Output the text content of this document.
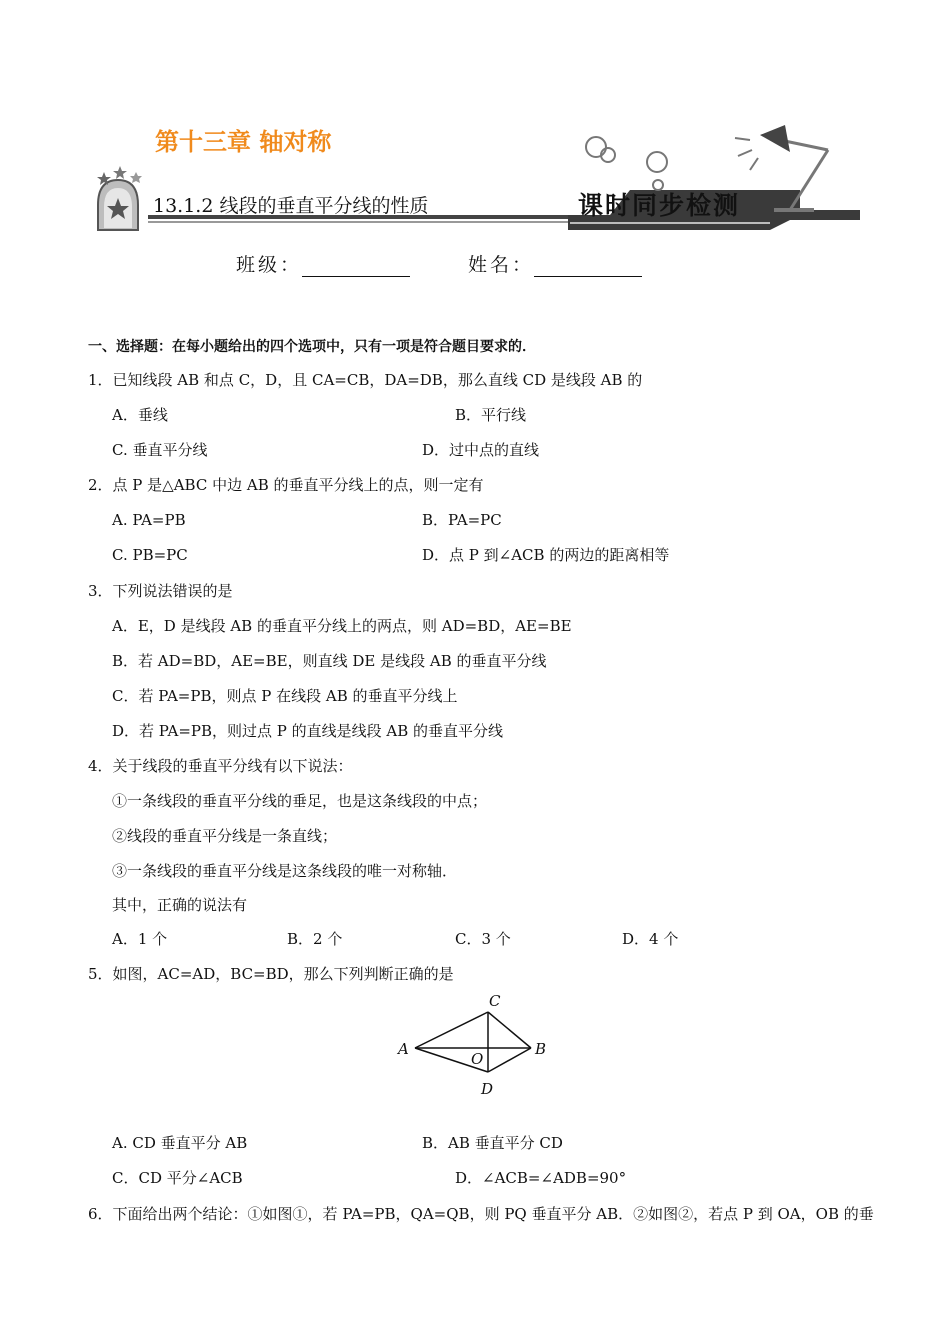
第十三章 轴对称
13.1.2 线段的垂直平分线的性质	课时同步检测
班级：	姓名：
一、选择题：在每小题给出的四个选项中，只有一项是符合题目要求的．
1．已知线段 AB 和点 C，D，且 CA=CB，DA=DB，那么直线 CD 是线段 AB 的
A．垂线	B．平行线
C. 垂直平分线	D．过中点的直线
2．点 P 是△ABC 中边 AB 的垂直平分线上的点，则一定有
A. PA=PB	B．PA=PC
C. PB=PC	D．点 P 到∠ACB 的两边的距离相等
3．下列说法错误的是
A．E，D 是线段 AB 的垂直平分线上的两点，则 AD=BD，AE=BE
B．若 AD=BD，AE=BE，则直线 DE 是线段 AB 的垂直平分线
C．若 PA=PB，则点 P 在线段 AB 的垂直平分线上
D．若 PA=PB，则过点 P 的直线是线段 AB 的垂直平分线
4．关于线段的垂直平分线有以下说法：
①一条线段的垂直平分线的垂足，也是这条线段的中点；
②线段的垂直平分线是一条直线；
③一条线段的垂直平分线是这条线段的唯一对称轴．
其中，正确的说法有
A．1 个	B．2 个	C．3 个	D．4 个
5．如图，AC=AD，BC=BD，那么下列判断正确的是
C
A
O
B
D
A. CD 垂直平分 AB	B．AB 垂直平分 CD
C．CD 平分∠ACB	D．∠ACB=∠ADB=90°
6．下面给出两个结论：①如图①，若 PA=PB，QA=QB，则 PQ 垂直平分 AB．②如图②，若点 P 到 OA，OB 的垂
